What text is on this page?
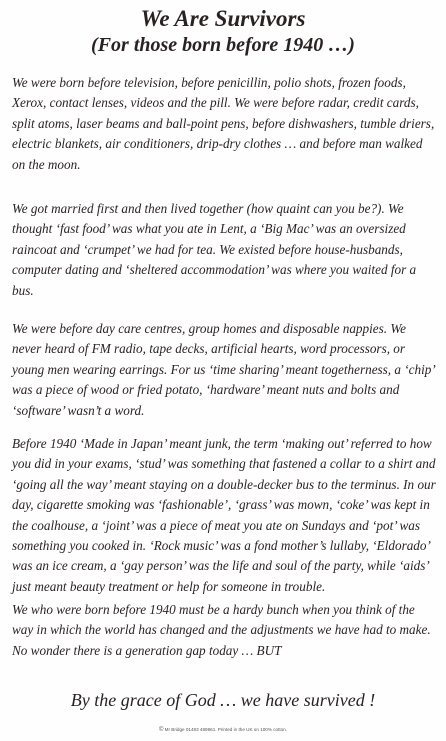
We Are Survivors
(For those born before 1940 …)

We were born before television, before penicillin, polio shots, frozen foods, Xerox, contact lenses, videos and the pill. We were before radar, credit cards, split atoms, laser beams and ball-point pens, before dishwashers, tumble driers, electric blankets, air conditioners, drip-dry clothes … and before man walked on the moon.

We got married first and then lived together (how quaint can you be?). We thought ‘fast food’ was what you ate in Lent, a ‘Big Mac’ was an oversized raincoat and ‘crumpet’ we had for tea. We existed before house-husbands, computer dating and ‘sheltered accommodation’ was where you waited for a bus.

We were before day care centres, group homes and disposable nappies. We never heard of FM radio, tape decks, artificial hearts, word processors, or young men wearing earrings. For us ‘time sharing’ meant togetherness, a ‘chip’ was a piece of wood or fried potato, ‘hardware’ meant nuts and bolts and ‘software’ wasn’t a word.

Before 1940 ‘Made in Japan’ meant junk, the term ‘making out’ referred to how you did in your exams, ‘stud’ was something that fastened a collar to a shirt and ‘going all the way’ meant staying on a double-decker bus to the terminus. In our day, cigarette smoking was ‘fashionable’, ‘grass’ was mown, ‘coke’ was kept in the coalhouse, a ‘joint’ was a piece of meat you ate on Sundays and ‘pot’ was something you cooked in. ‘Rock music’ was a fond mother’s lullaby, ‘Eldorado’ was an ice cream, a ‘gay person’ was the life and soul of the party, while ‘aids’ just meant beauty treatment or help for someone in trouble.

We who were born before 1940 must be a hardy bunch when you think of the way in which the world has changed and the adjustments we have had to make. No wonder there is a generation gap today … BUT

By the grace of God … we have survived !

© Mr Bridge 01483 489961. Printed in the UK on 100% cotton.
